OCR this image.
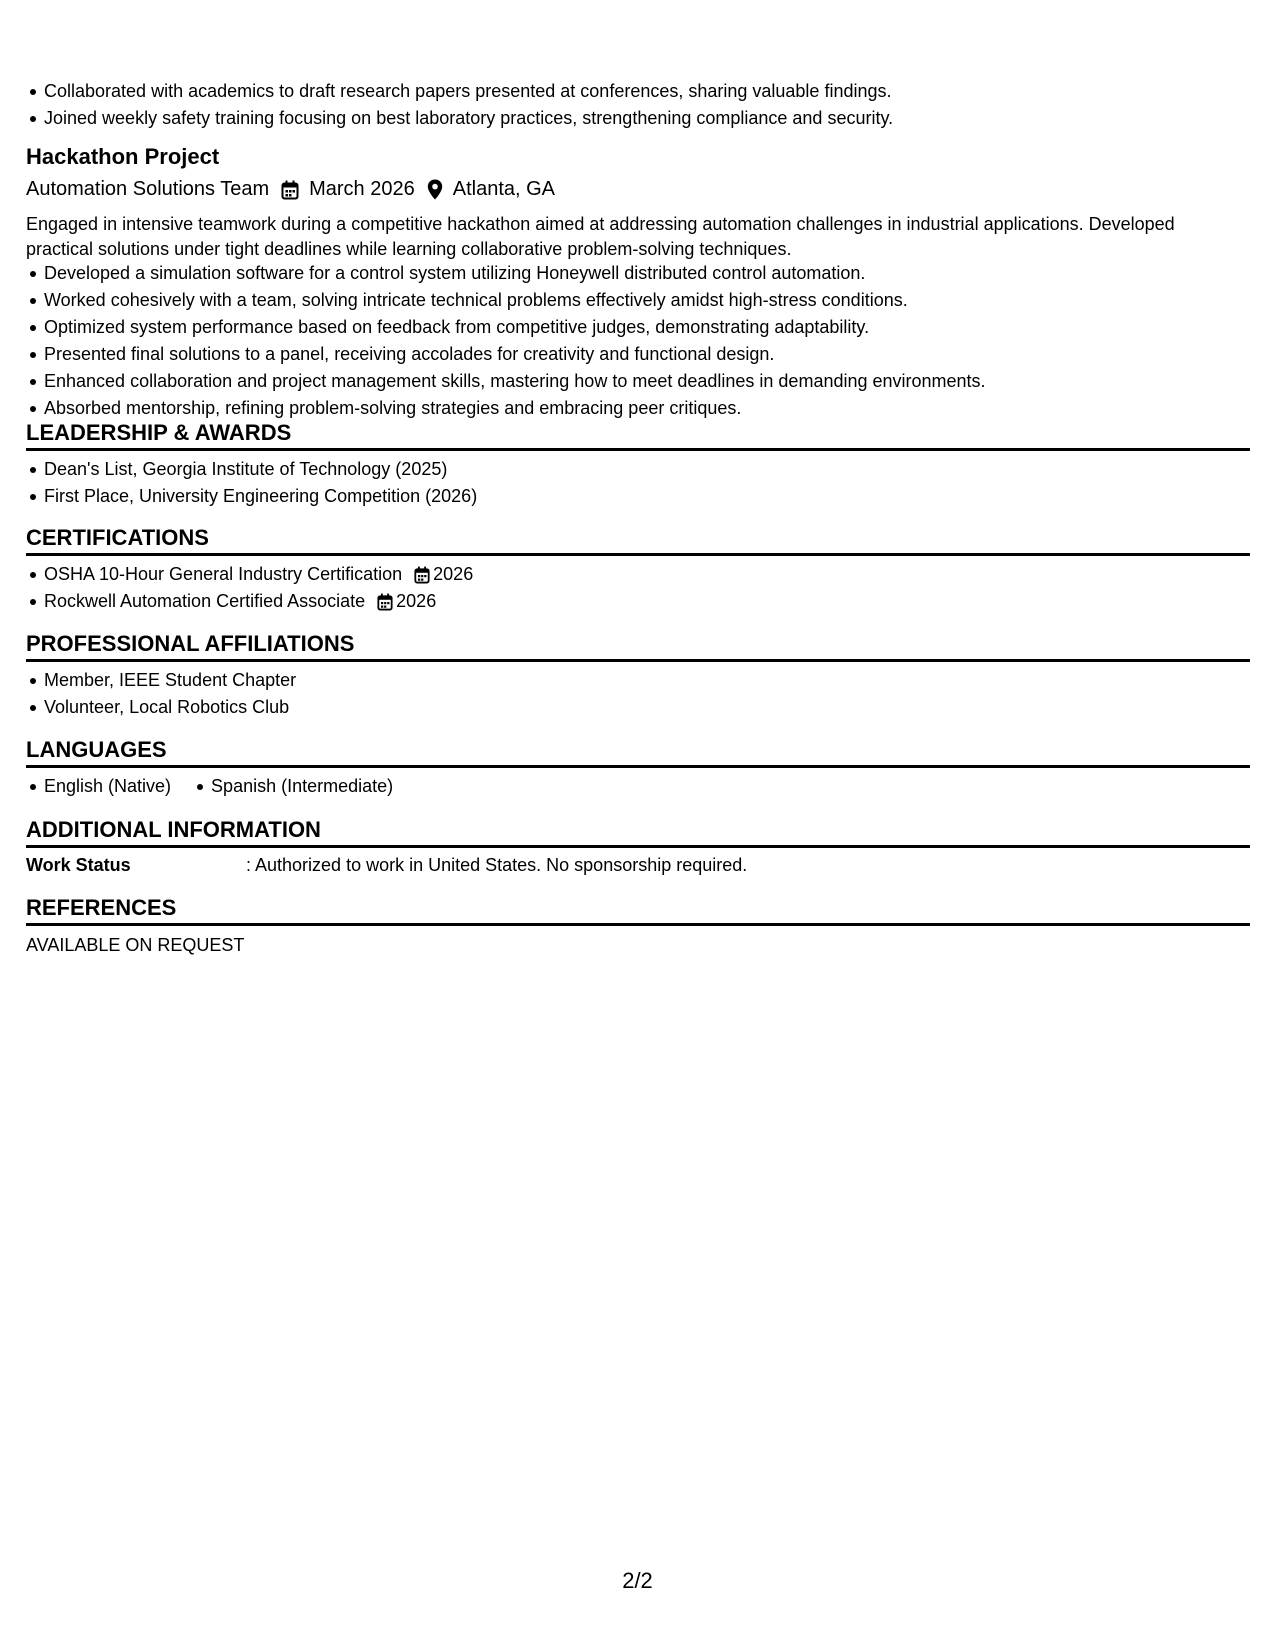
Collaborated with academics to draft research papers presented at conferences, sharing valuable findings.
Joined weekly safety training focusing on best laboratory practices, strengthening compliance and security.
Hackathon Project
Automation Solutions Team March 2026 Atlanta, GA
Engaged in intensive teamwork during a competitive hackathon aimed at addressing automation challenges in industrial applications. Developed practical solutions under tight deadlines while learning collaborative problem-solving techniques.
Developed a simulation software for a control system utilizing Honeywell distributed control automation.
Worked cohesively with a team, solving intricate technical problems effectively amidst high-stress conditions.
Optimized system performance based on feedback from competitive judges, demonstrating adaptability.
Presented final solutions to a panel, receiving accolades for creativity and functional design.
Enhanced collaboration and project management skills, mastering how to meet deadlines in demanding environments.
Absorbed mentorship, refining problem-solving strategies and embracing peer critiques.
LEADERSHIP & AWARDS
Dean's List, Georgia Institute of Technology (2025)
First Place, University Engineering Competition (2026)
CERTIFICATIONS
OSHA 10-Hour General Industry Certification 2026
Rockwell Automation Certified Associate 2026
PROFESSIONAL AFFILIATIONS
Member, IEEE Student Chapter
Volunteer, Local Robotics Club
LANGUAGES
English (Native)	Spanish (Intermediate)
ADDITIONAL INFORMATION
Work Status	: Authorized to work in United States. No sponsorship required.
REFERENCES
AVAILABLE ON REQUEST
2/2
